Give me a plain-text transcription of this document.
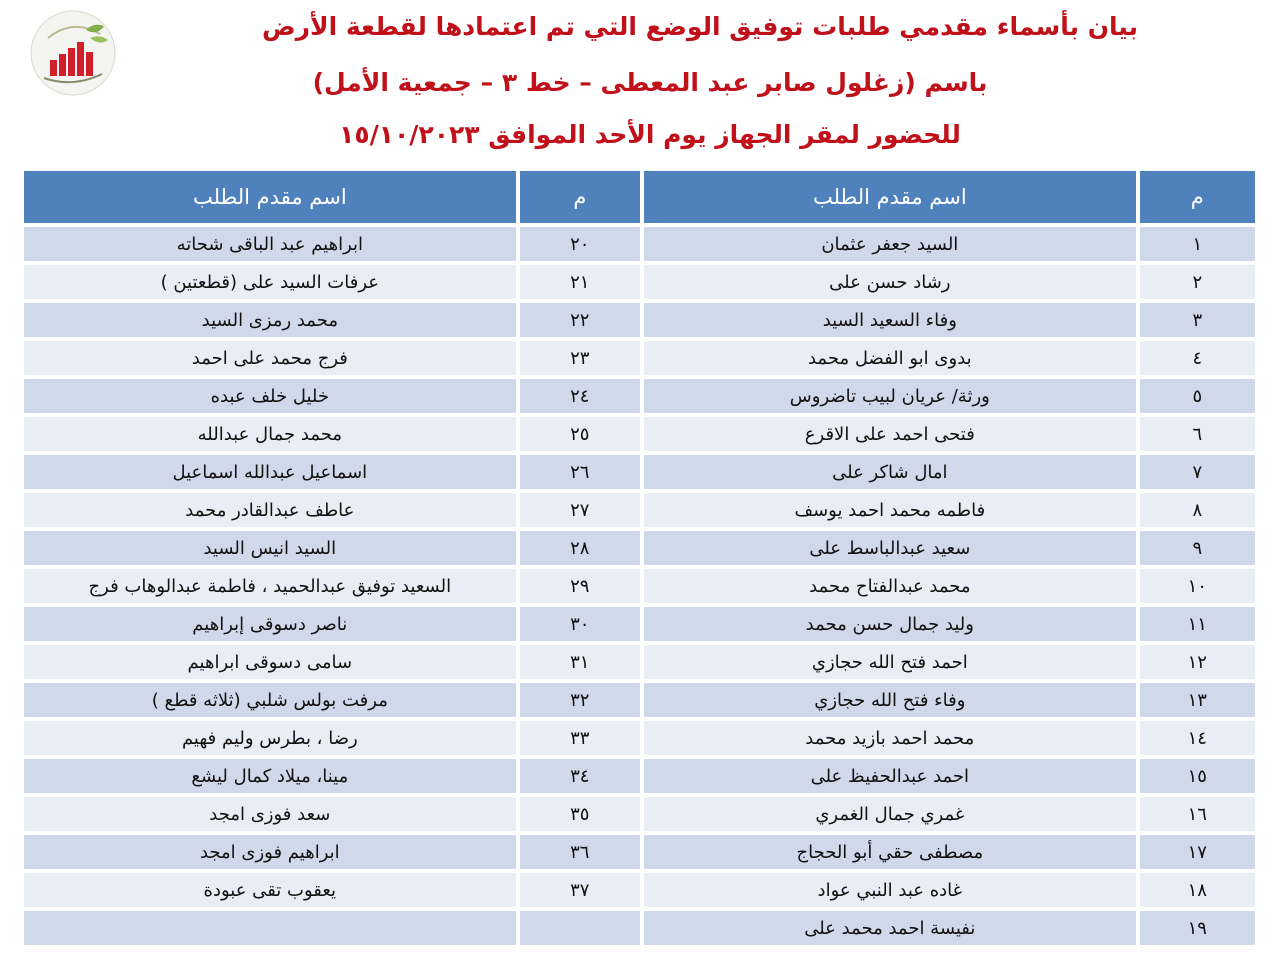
بيان بأسماء مقدمي طلبات توفيق الوضع التي تم اعتمادها لقطعة الأرض
باسم (زغلول صابر عبد المعطى – خط ٣ – جمعية الأمل)
للحضور لمقر الجهاز يوم الأحد الموافق ١٥/١٠/٢٠٢٣
م	اسم مقدم الطلب	م	اسم مقدم الطلب
١	السيد جعفر عثمان	٢٠	ابراهيم عبد الباقى شحاته
٢	رشاد حسن على	٢١	عرفات السيد على (قطعتين )
٣	وفاء السعيد السيد	٢٢	محمد رمزى السيد
٤	بدوى ابو الفضل محمد	٢٣	فرج محمد على احمد
٥	ورثة/ عريان لبيب تاضروس	٢٤	خليل خلف عبده
٦	فتحى احمد على الاقرع	٢٥	محمد جمال عبدالله
٧	امال شاكر على	٢٦	اسماعيل عبدالله اسماعيل
٨	فاطمه محمد احمد يوسف	٢٧	عاطف عبدالقادر محمد
٩	سعيد عبدالباسط على	٢٨	السيد انيس السيد
١٠	محمد عبدالفتاح محمد	٢٩	السعيد توفيق عبدالحميد ، فاطمة عبدالوهاب فرج
١١	وليد جمال حسن محمد	٣٠	ناصر دسوقى إبراهيم
١٢	احمد فتح الله حجازي	٣١	سامى دسوقى ابراهيم
١٣	وفاء فتح الله حجازي	٣٢	مرفت بولس شلبي (ثلاثه قطع )
١٤	محمد احمد بازيد محمد	٣٣	رضا ، بطرس وليم فهيم
١٥	احمد عبدالحفيظ على	٣٤	مينا، ميلاد كمال ليشع
١٦	غمري جمال الغمري	٣٥	سعد فوزى امجد
١٧	مصطفى حقي أبو الحجاج	٣٦	ابراهيم فوزى امجد
١٨	غاده عبد النبي عواد	٣٧	يعقوب تقى عبودة
١٩	نفيسة احمد محمد على		
